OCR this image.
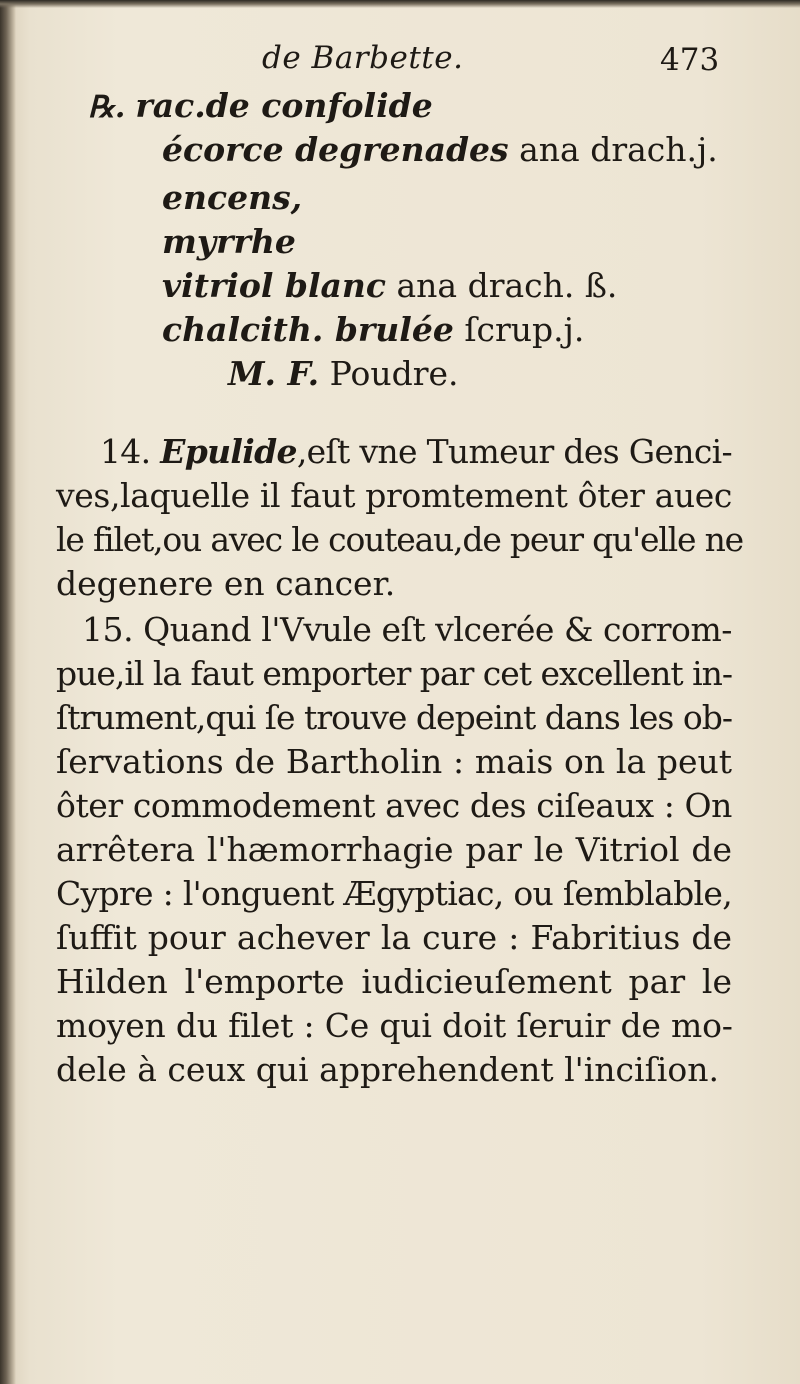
de Barbette.	473
℞. rac.de confolide
écorce degrenades ana drach.j.
encens,
myrrhe
vitriol blanc ana drach. ß.
chalcith. brulée ſcrup.j.
M. F. Poudre.
14. Epulide,eſt vne Tumeur des Genci-
ves,laquelle il faut promtement ôter auec
le filet,ou avec le couteau,de peur qu'elle ne
degenere en cancer.
15. Quand l'Vvule eſt vlcerée & corrom-
pue,il la faut emporter par cet excellent in-
ſtrument,qui ſe trouve depeint dans les ob-
ſervations de Bartholin : mais on la peut
ôter commodement avec des ciſeaux : On
arrêtera l'hæmorrhagie par le Vitriol de
Cypre : l'onguent Ægyptiac, ou ſemblable,
ſuffit pour achever la cure : Fabritius de
Hilden l'emporte iudicieuſement par le
moyen du filet : Ce qui doit ſeruir de mo-
dele à ceux qui apprehendent l'inciſion.
